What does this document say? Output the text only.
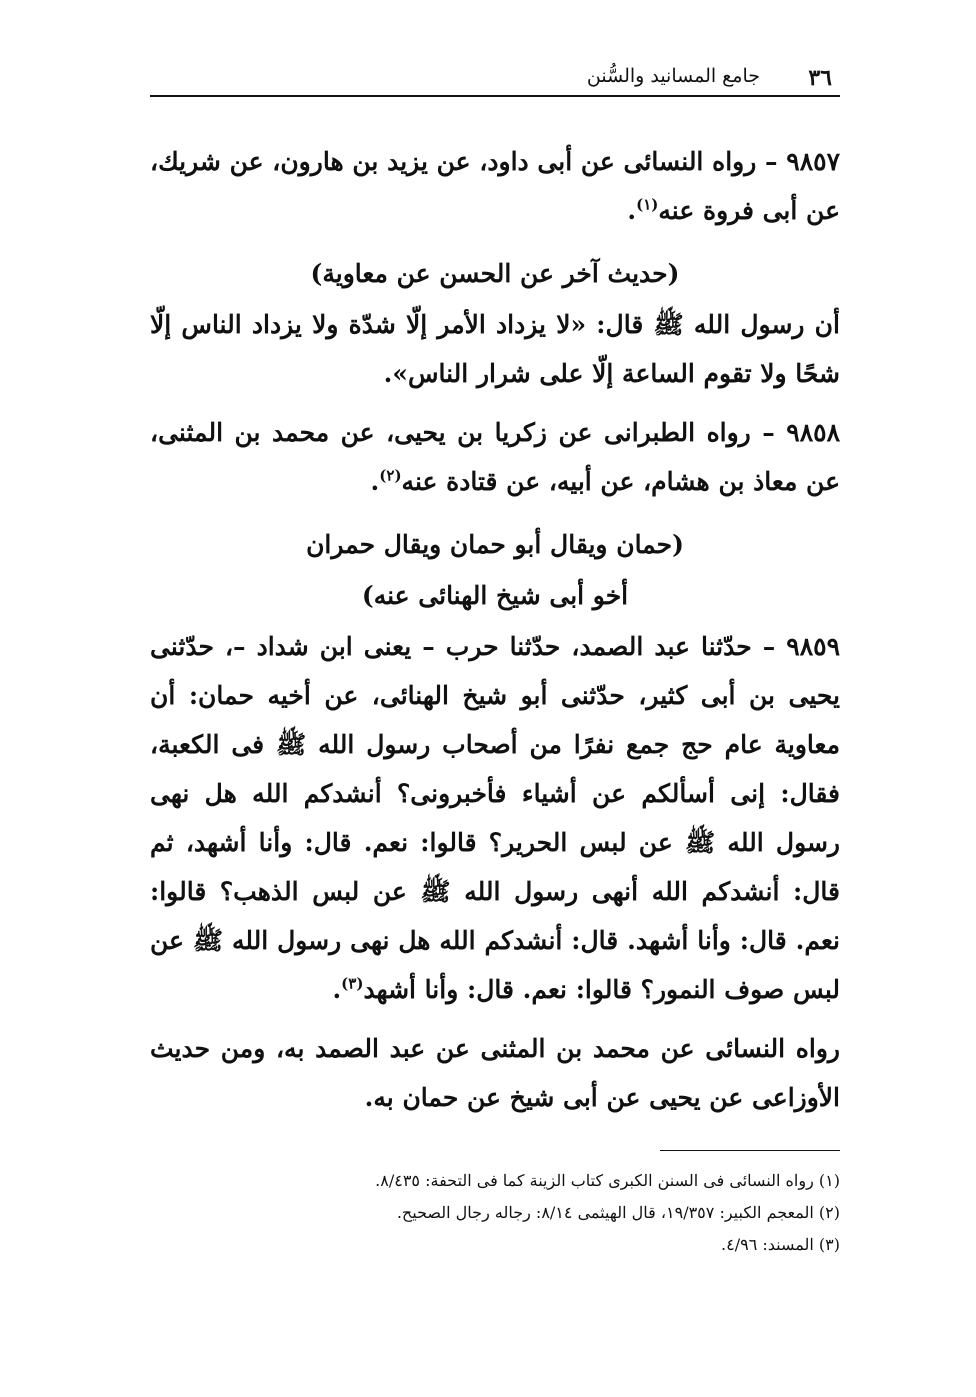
٣٦
جامع المسانيد والسُّنن

٩٨٥٧ – رواه النسائى عن أبى داود، عن يزيد بن هارون، عن شريك، عن أبى فروة عنه$^{(١)}$.

(حديث آخر عن الحسن عن معاوية)

أن رسول الله ﷺ قال: «لا يزداد الأمر إلّا شدّة ولا يزداد الناس إلّا شحًا ولا تقوم الساعة إلّا على شرار الناس».

٩٨٥٨ – رواه الطبرانى عن زكريا بن يحيى، عن محمد بن المثنى، عن معاذ بن هشام، عن أبيه، عن قتادة عنه$^{(٢)}$.

(حمان ويقال أبو حمان ويقال حمران
أخو أبى شيخ الهنائى عنه)

٩٨٥٩ – حدّثنا عبد الصمد، حدّثنا حرب – يعنى ابن شداد –، حدّثنى يحيى بن أبى كثير، حدّثنى أبو شيخ الهنائى، عن أخيه حمان: أن معاوية عام حج جمع نفرًا من أصحاب رسول الله ﷺ فى الكعبة، فقال: إنى أسألكم عن أشياء فأخبرونى؟ أنشدكم الله هل نهى رسول الله ﷺ عن لبس الحرير؟ قالوا: نعم. قال: وأنا أشهد، ثم قال: أنشدكم الله أنهى رسول الله ﷺ عن لبس الذهب؟ قالوا: نعم. قال: وأنا أشهد. قال: أنشدكم الله هل نهى رسول الله ﷺ عن لبس صوف النمور؟ قالوا: نعم. قال: وأنا أشهد$^{(٣)}$.

رواه النسائى عن محمد بن المثنى عن عبد الصمد به، ومن حديث الأوزاعى عن يحيى عن أبى شيخ عن حمان به.

(١) رواه النسائى فى السنن الكبرى كتاب الزينة كما فى التحفة: ٨/٤٣٥.
(٢) المعجم الكبير: ١٩/٣٥٧، قال الهيثمى ٨/١٤: رجاله رجال الصحيح.
(٣) المسند: ٤/٩٦.
